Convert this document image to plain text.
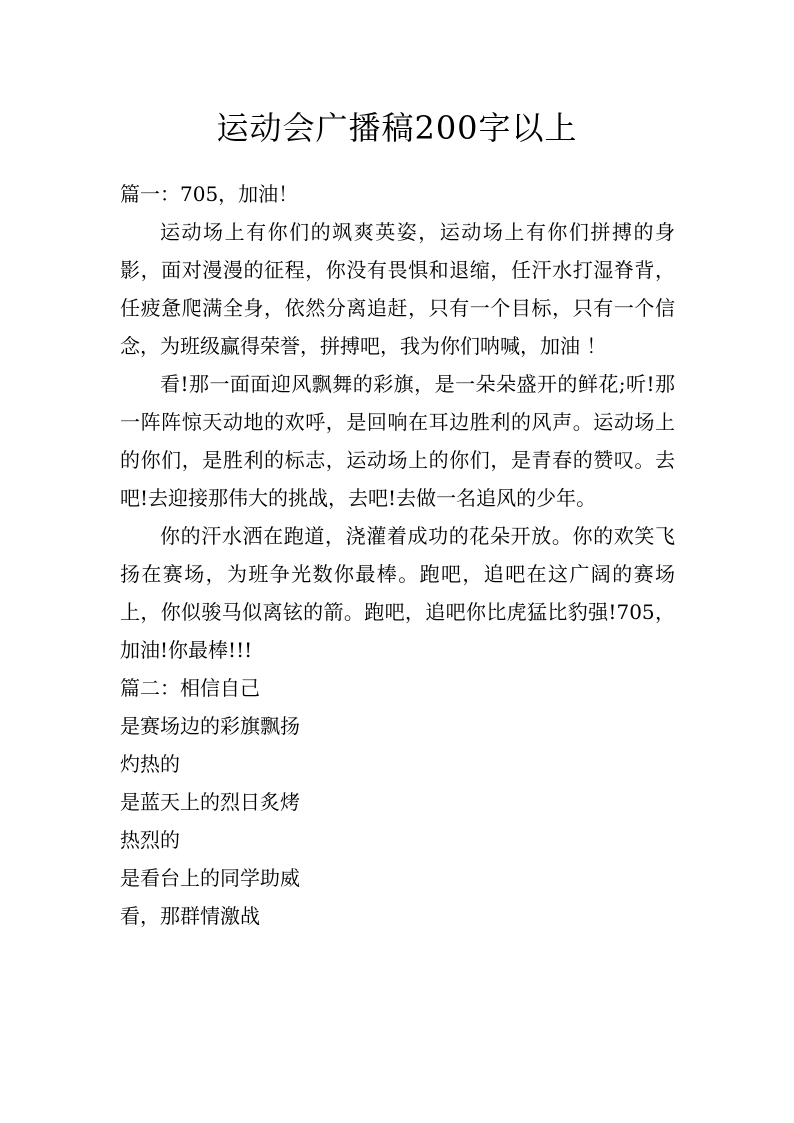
运动会广播稿200字以上
篇一：705，加油！

运动场上有你们的飒爽英姿，运动场上有你们拼搏的身影，面对漫漫的征程，你没有畏惧和退缩，任汗水打湿脊背，任疲惫爬满全身，依然分离追赶，只有一个目标，只有一个信念，为班级赢得荣誉，拼搏吧，我为你们呐喊，加油 ！

看!那一面面迎风飘舞的彩旗，是一朵朵盛开的鲜花;听!那一阵阵惊天动地的欢呼，是回响在耳边胜利的风声。运动场上的你们，是胜利的标志，运动场上的你们，是青春的赞叹。去吧!去迎接那伟大的挑战，去吧!去做一名追风的少年。

你的汗水洒在跑道，浇灌着成功的花朵开放。你的欢笑飞扬在赛场，为班争光数你最棒。跑吧，追吧在这广阔的赛场上，你似骏马似离铉的箭。跑吧，追吧你比虎猛比豹强!705，加油!你最棒!!!

篇二：相信自己
是赛场边的彩旗飘扬
灼热的
是蓝天上的烈日炙烤
热烈的
是看台上的同学助威
看，那群情激战
